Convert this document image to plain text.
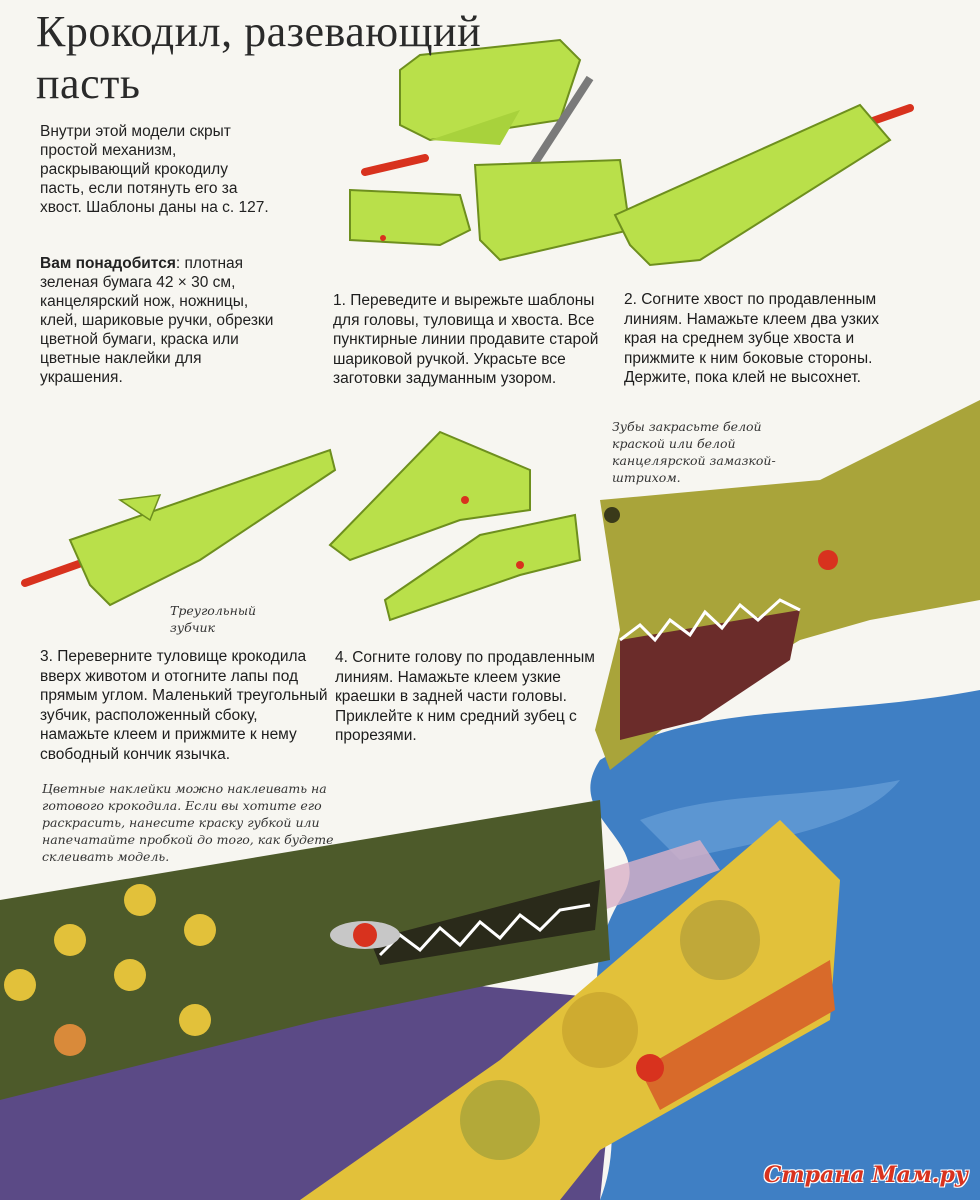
Крокодил, разевающий
пасть
Внутри этой модели скрыт простой механизм, раскрывающий крокодилу пасть, если потянуть его за хвост. Шаблоны даны на с. 127.
Вам понадобится: плотная зеленая бумага 42 × 30 см, канцелярский нож, ножницы, клей, шариковые ручки, обрезки цветной бумаги, краска или цветные наклейки для украшения.
1. Переведите и вырежьте шаблоны для головы, туловища и хвоста. Все пунктирные линии продавите старой шариковой ручкой. Украсьте все заготовки задуманным узором.
2. Согните хвост по продавленным линиям. Намажьте клеем два узких края на среднем зубце хвоста и прижмите к ним боковые стороны. Держите, пока клей не высохнет.
3. Переверните туловище крокодила вверх животом и отогните лапы под прямым углом. Маленький треугольный зубчик, расположенный сбоку, намажьте клеем и прижмите к нему свободный кончик язычка.
4. Согните голову по продавленным линиям. Намажьте клеем узкие краешки в задней части головы. Приклейте к ним средний зубец с прорезями.
Зубы закрасьте белой краской или белой канцелярской замазкой-штрихом.
Треугольный зубчик
Цветные наклейки можно наклеивать на готового крокодила. Если вы хотите его раскрасить, нанесите краску губкой или напечатайте пробкой до того, как будете склеивать модель.
Страна Мам.ру
